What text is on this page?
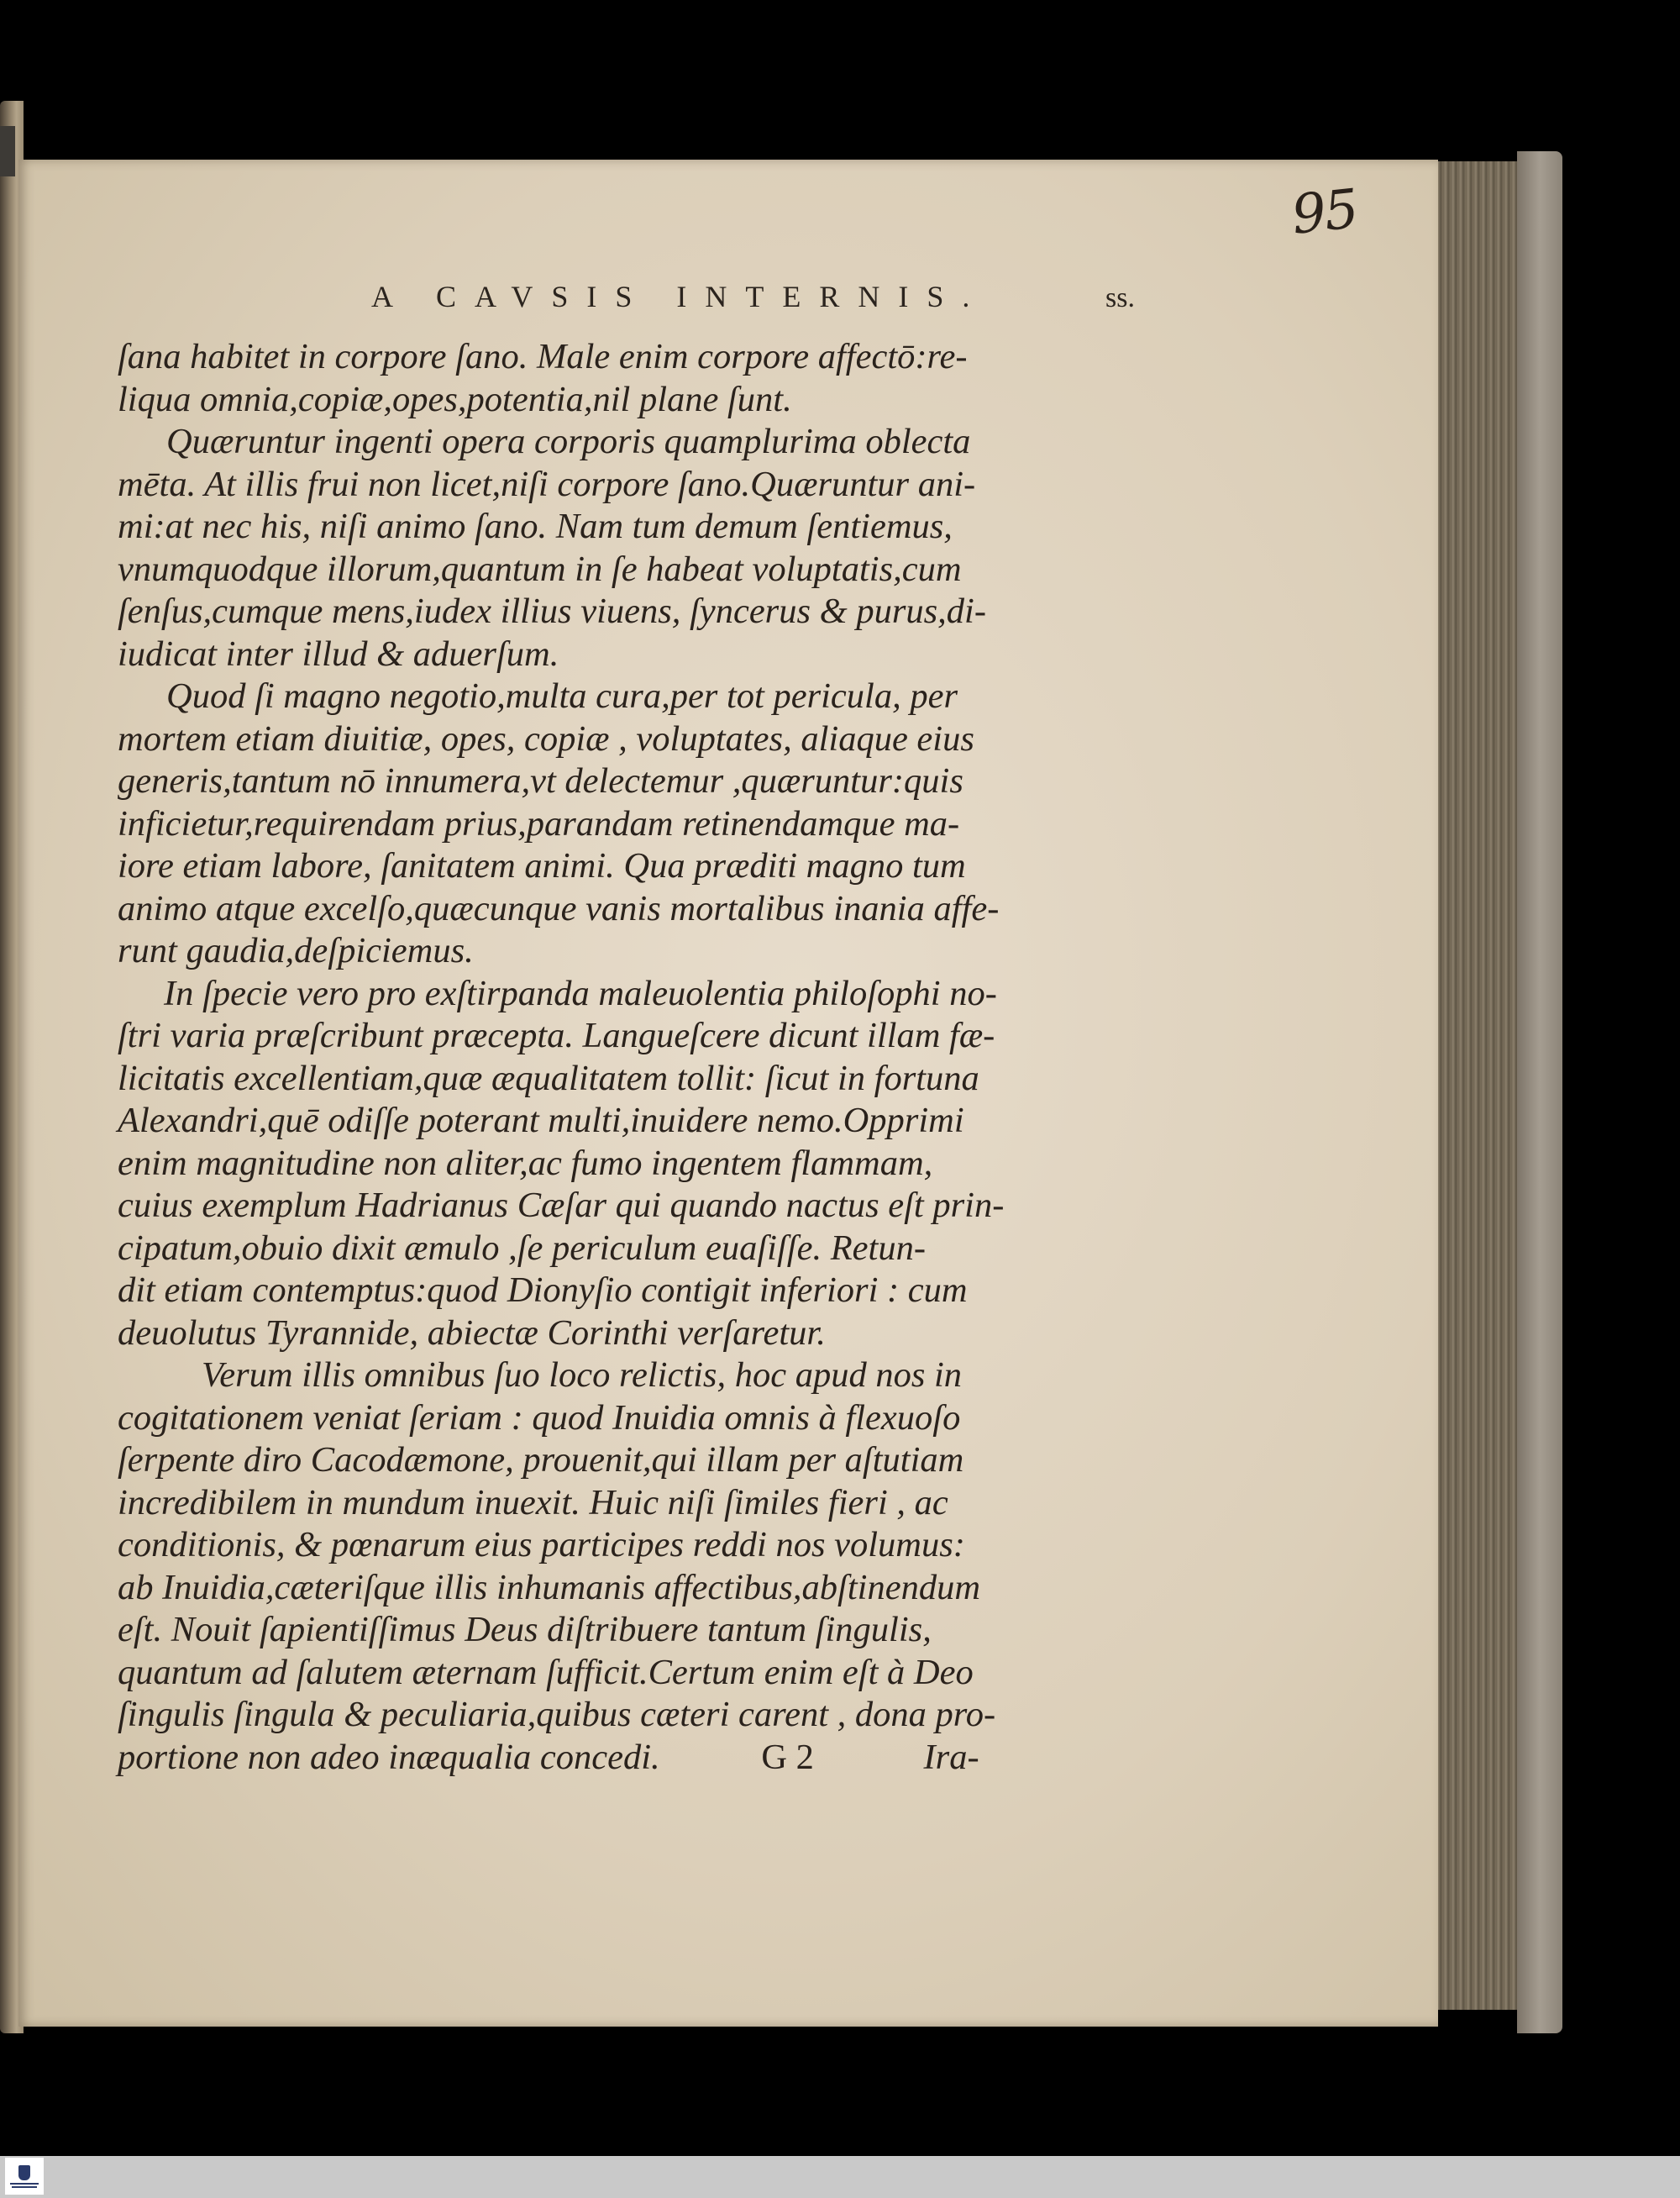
95
A CAVSIS INTERNIS.	ss.
ſana habitet in corpore ſano. Male enim corpore affectō:re-
liqua omnia,copiæ,opes,potentia,nil plane ſunt.
Quæruntur ingenti opera corporis quamplurima oblecta
mēta. At illis frui non licet,niſi corpore ſano.Quæruntur ani-
mi:at nec his, niſi animo ſano. Nam tum demum ſentiemus,
vnumquodque illorum,quantum in ſe habeat voluptatis,cum
ſenſus,cumque mens,iudex illius viuens, ſyncerus & purus,di-
iudicat inter illud & aduerſum.
Quod ſi magno negotio,multa cura,per tot pericula, per
mortem etiam diuitiæ, opes, copiæ , voluptates, aliaque eius
generis,tantum nō innumera,vt delectemur ,quæruntur:quis
inficietur,requirendam prius,parandam retinendamque ma-
iore etiam labore, ſanitatem animi. Qua præditi magno tum
animo atque excelſo,quæcunque vanis mortalibus inania affe-
runt gaudia,deſpiciemus.
In ſpecie vero pro exſtirpanda maleuolentia philoſophi no-
ſtri varia præſcribunt præcepta. Langueſcere dicunt illam fæ-
licitatis excellentiam,quæ æqualitatem tollit: ſicut in fortuna
Alexandri,quē odiſſe poterant multi,inuidere nemo.Opprimi
enim magnitudine non aliter,ac fumo ingentem flammam,
cuius exemplum Hadrianus Cæſar qui quando nactus eſt prin-
cipatum,obuio dixit æmulo ,ſe periculum euaſiſſe. Retun-
dit etiam contemptus:quod Dionyſio contigit inferiori : cum
deuolutus Tyrannide, abiectæ Corinthi verſaretur.
Verum illis omnibus ſuo loco relictis, hoc apud nos in
cogitationem veniat ſeriam : quod Inuidia omnis à flexuoſo
ſerpente diro Cacodæmone, prouenit,qui illam per aſtutiam
incredibilem in mundum inuexit. Huic niſi ſimiles fieri , ac
conditionis, & pœnarum eius participes reddi nos volumus:
ab Inuidia,cæteriſque illis inhumanis affectibus,abſtinendum
eſt. Nouit ſapientiſſimus Deus diſtribuere tantum ſingulis,
quantum ad ſalutem æternam ſufficit.Certum enim eſt à Deo
ſingulis ſingula & peculiaria,quibus cæteri carent , dona pro-
portione non adeo inæqualia concedi.	G 2	Ira-
